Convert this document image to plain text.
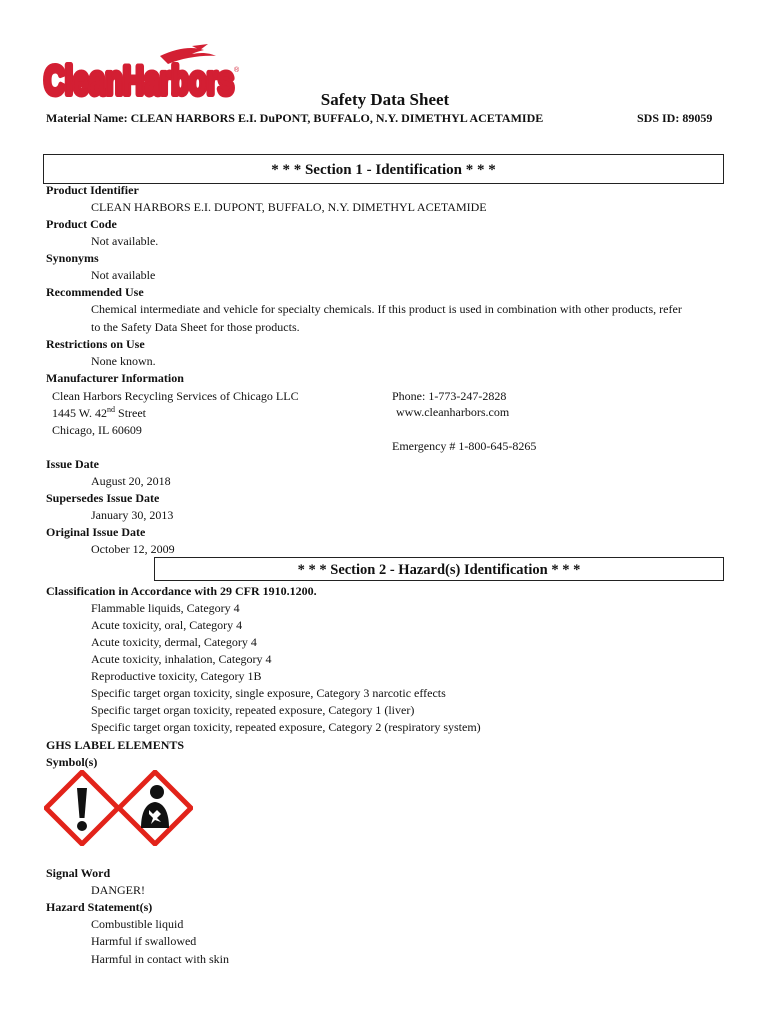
CleanHarbors
CleanHarbors ®
Safety Data Sheet
Material Name: CLEAN HARBORS E.I. DuPONT, BUFFALO, N.Y. DIMETHYL ACETAMIDE	SDS ID: 89059
* * * Section 1 - Identification * * *
Product Identifier
CLEAN HARBORS E.I. DUPONT, BUFFALO, N.Y. DIMETHYL ACETAMIDE
Product Code
Not available.
Synonyms
Not available
Recommended Use
Chemical intermediate and vehicle for specialty chemicals. If this product is used in combination with other products, refer
to the Safety Data Sheet for those products.
Restrictions on Use
None known.
Manufacturer Information
Clean Harbors Recycling Services of Chicago LLC
1445 W. 42nd Street
Chicago, IL 60609
Phone: 1-773-247-2828
www.cleanharbors.com
Emergency # 1-800-645-8265
Issue Date
August 20, 2018
Supersedes Issue Date
January 30, 2013
Original Issue Date
October 12, 2009
* * * Section 2 - Hazard(s) Identification * * *
Classification in Accordance with 29 CFR 1910.1200.
Flammable liquids, Category 4
Acute toxicity, oral, Category 4
Acute toxicity, dermal, Category 4
Acute toxicity, inhalation, Category 4
Reproductive toxicity, Category 1B
Specific target organ toxicity, single exposure, Category 3 narcotic effects
Specific target organ toxicity, repeated exposure, Category 1 (liver)
Specific target organ toxicity, repeated exposure, Category 2 (respiratory system)
GHS LABEL ELEMENTS
Symbol(s)
Signal Word
DANGER!
Hazard Statement(s)
Combustible liquid
Harmful if swallowed
Harmful in contact with skin
